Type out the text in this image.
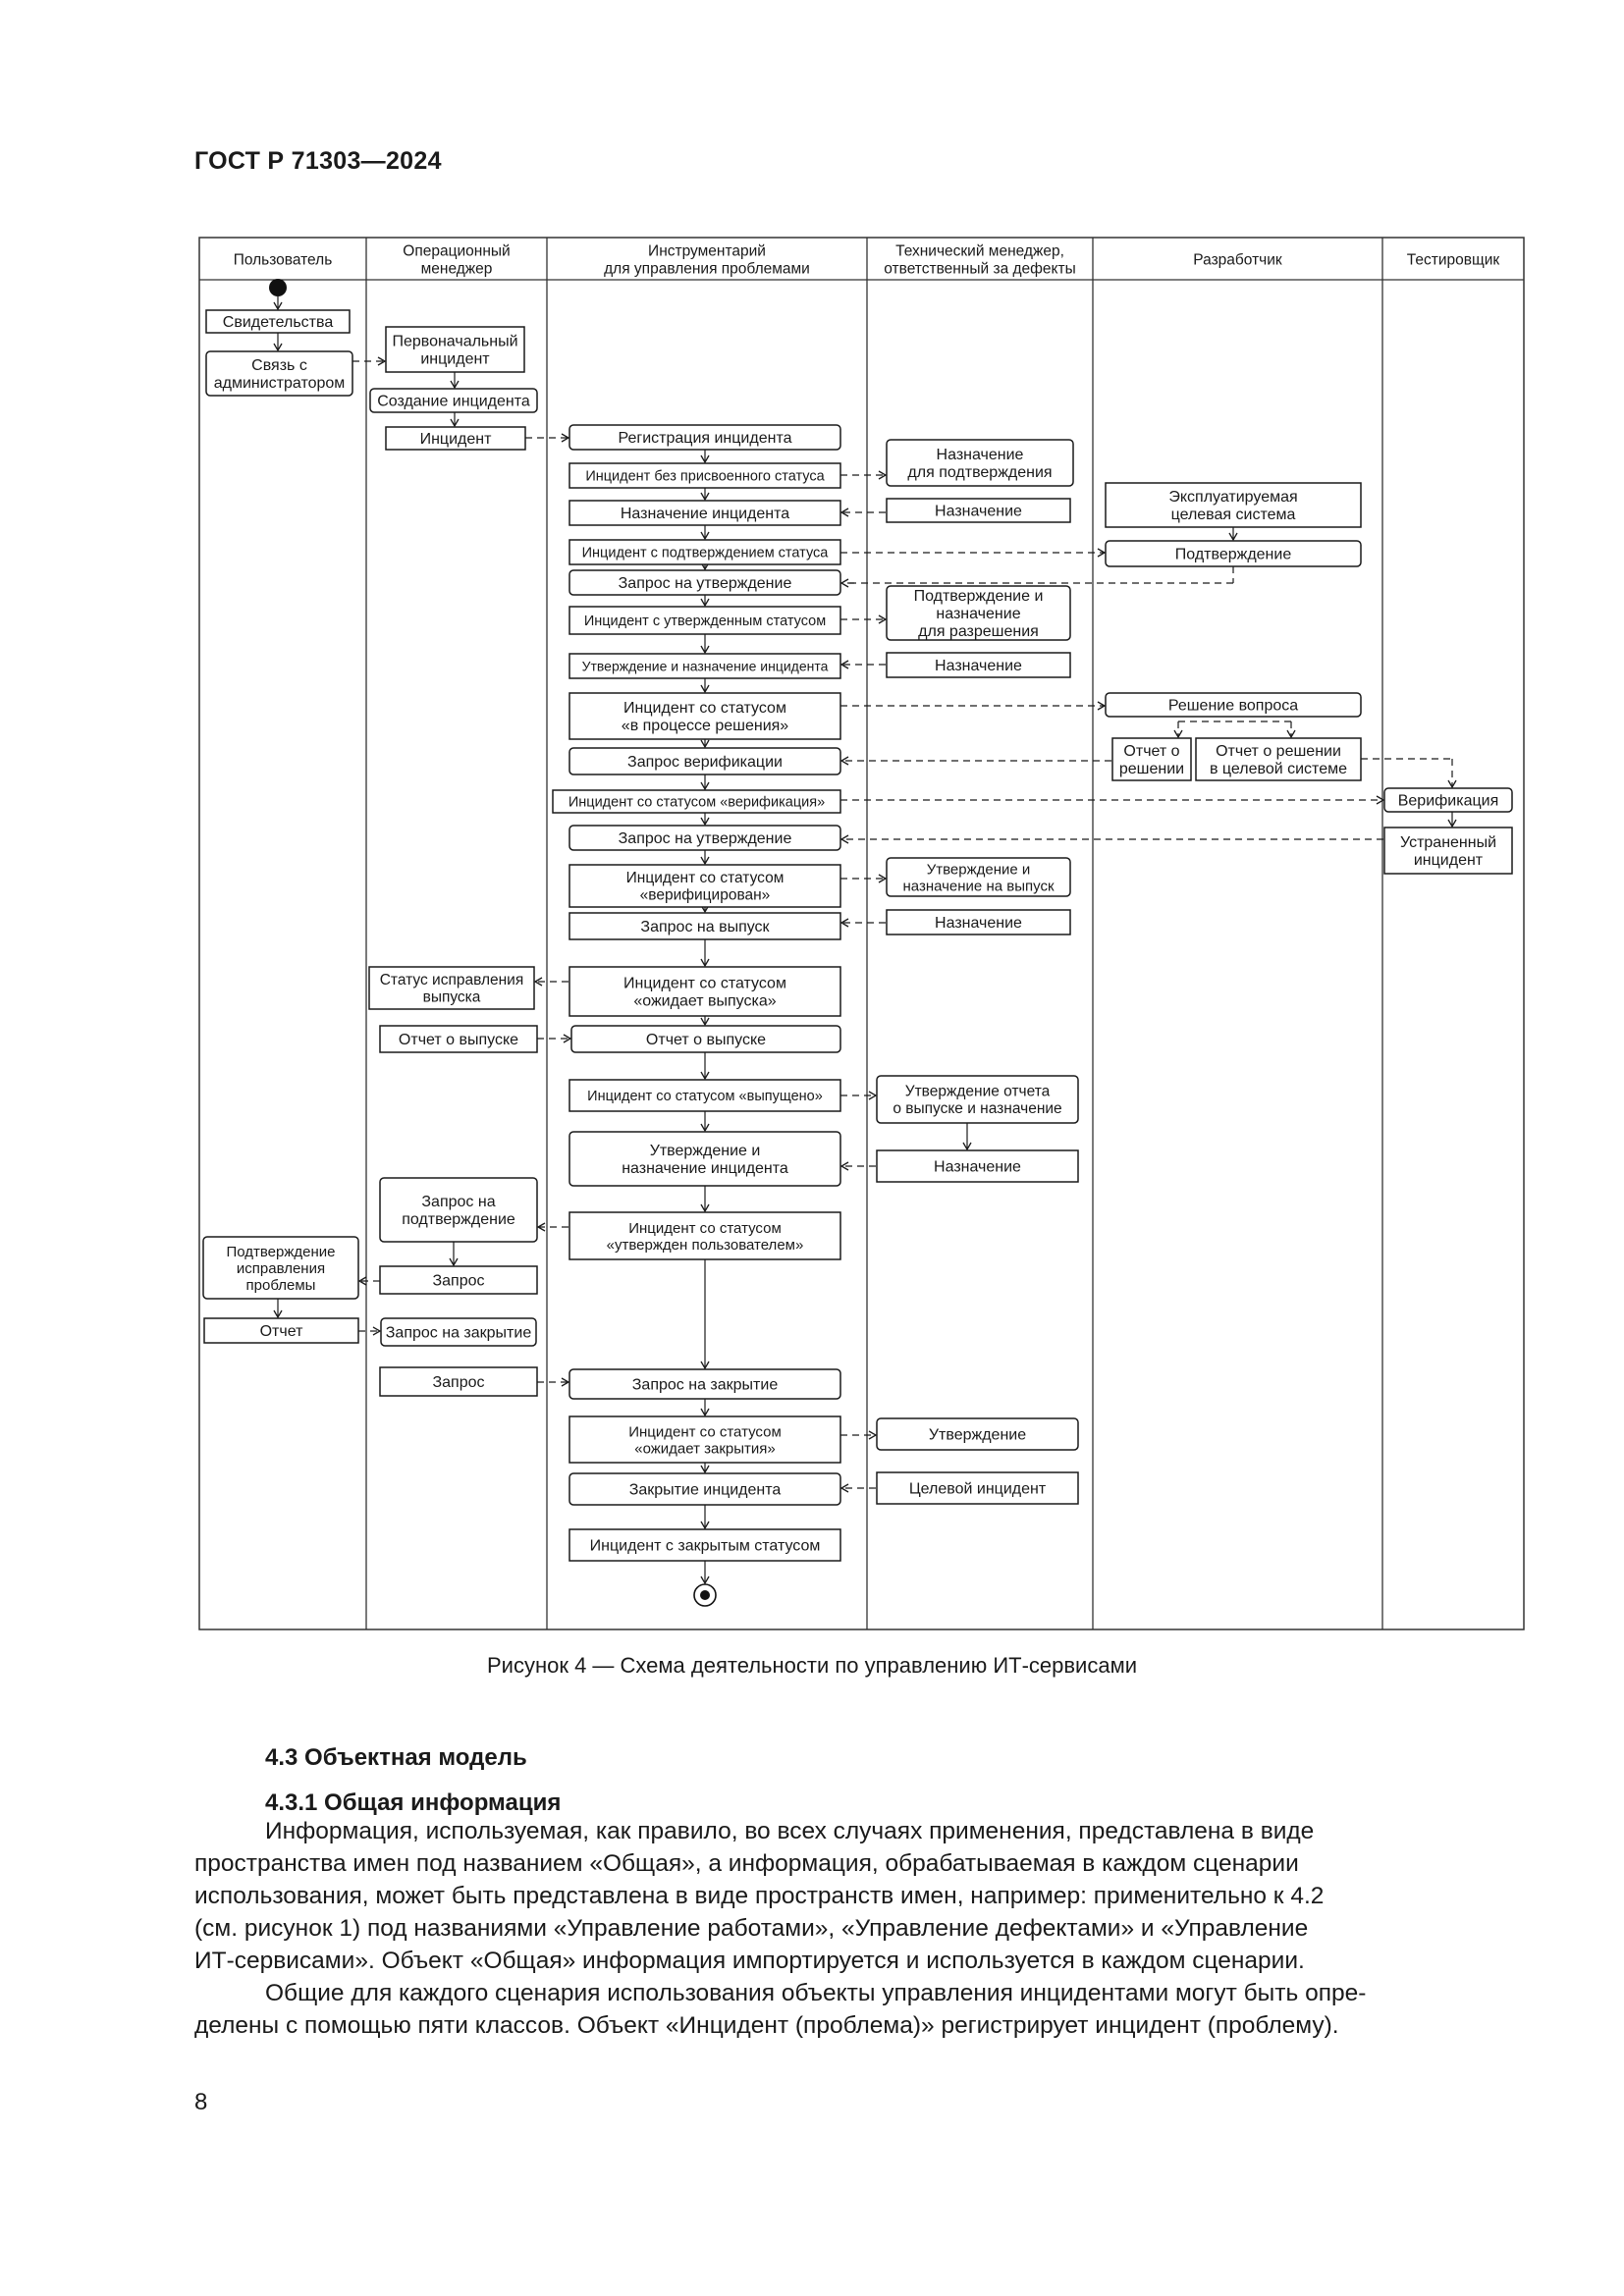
ГОСТ Р 71303—2024
Пользователь
Операционный менеджер
Инструментарий для управления проблемами
Технический менеджер, ответственный за дефекты
Разработчик	Тестировщик
Свидетельства
Связь с администратором
Подтверждение исправления проблемы
Отчет
Первоначальный инцидент
Создание инцидента
Инцидент
Статус исправления выпуска
Отчет о выпуске
Запрос на подтверждение
Запрос
Запрос на закрытие
Запрос
Регистрация инцидента
Инцидент без присвоенного статуса
Назначение инцидента
Инцидент с подтверждением статуса
Запрос на утверждение
Инцидент с утвержденным статусом
Утверждение и назначение инцидента
Инцидент со статусом «в процессе решения»
Запрос верификации
Инцидент со статусом «верификация»
Запрос на утверждение
Инцидент со статусом «верифицирован»
Запрос на выпуск
Инцидент со статусом «ожидает выпуска»
Отчет о выпуске
Инцидент со статусом «выпущено»
Утверждение и назначение инцидента
Инцидент со статусом «утвержден пользователем»
Запрос на закрытие
Инцидент со статусом «ожидает закрытия»
Закрытие инцидента
Инцидент с закрытым статусом
Назначение для подтверждения
Назначение
Подтверждение и назначение для разрешения
Назначение
Утверждение и назначение на выпуск
Назначение
Утверждение отчета о выпуске и назначение
Назначение
Утверждение
Целевой инцидент
Эксплуатируемая целевая система
Подтверждение
Решение вопроса
Отчет о решении
Отчет о решении в целевой системе
Верификация
Устраненный инцидент
Рисунок 4 — Схема деятельности по управлению ИТ-сервисами
4.3 Объектная модель
4.3.1 Общая информация
Информация, используемая, как правило, во всех случаях применения, представлена в виде
пространства имен под названием «Общая», а информация, обрабатываемая в каждом сценарии
использования, может быть представлена в виде пространств имен, например: применительно к 4.2
(см. рисунок 1) под названиями «Управление работами», «Управление дефектами» и «Управление
ИТ-сервисами». Объект «Общая» информация импортируется и используется в каждом сценарии.
Общие для каждого сценария использования объекты управления инцидентами могут быть опре-
делены с помощью пяти классов. Объект «Инцидент (проблема)» регистрирует инцидент (проблему).
8
